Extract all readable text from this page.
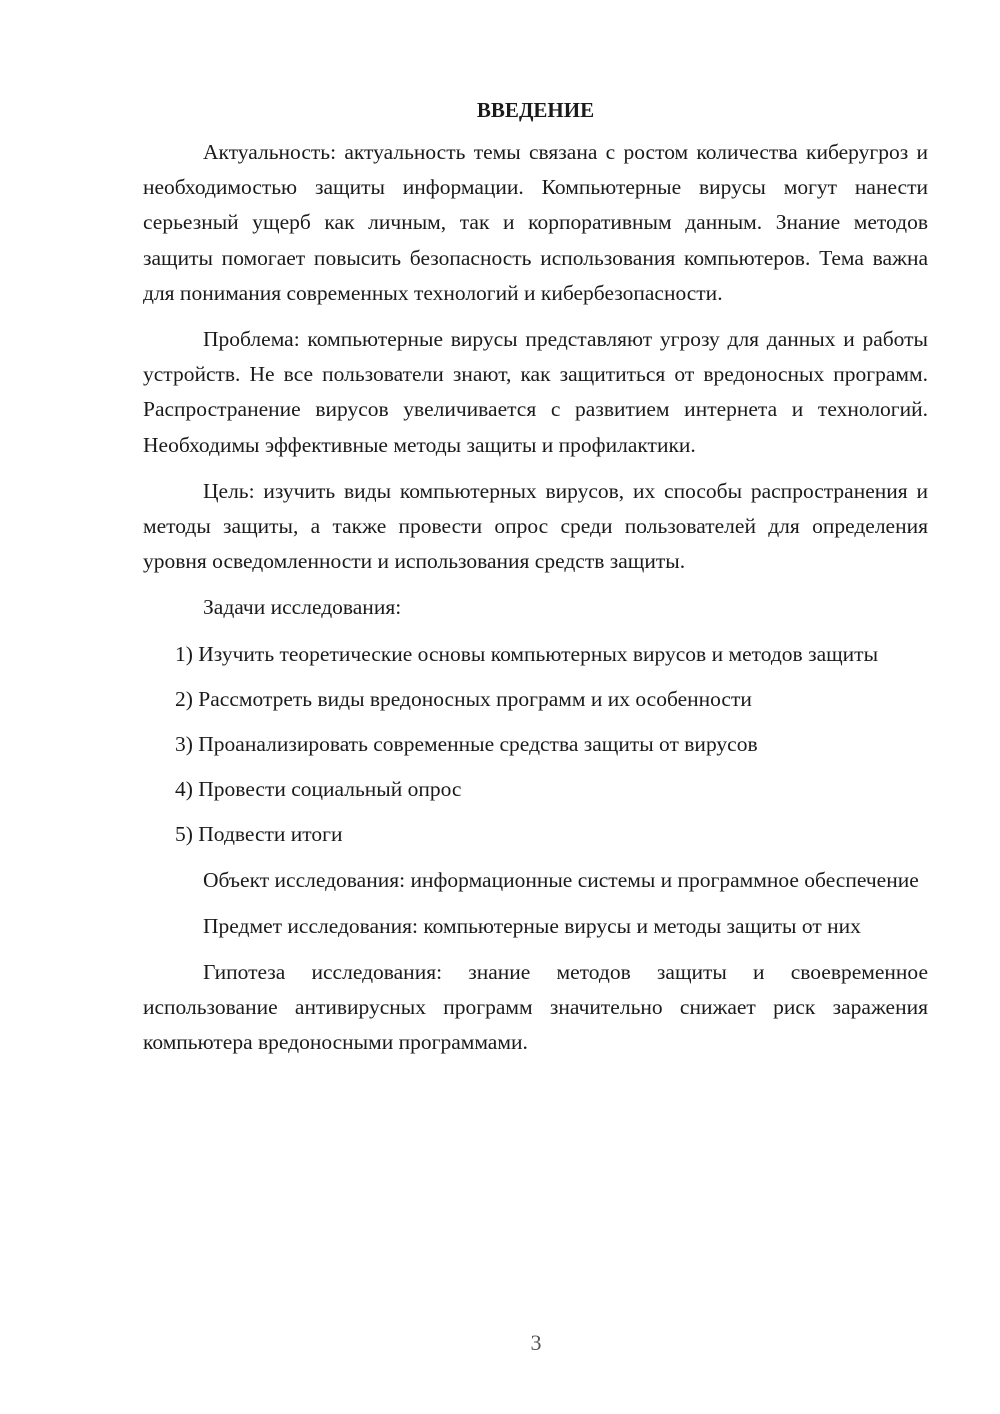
ВВЕДЕНИЕ

Актуальность: актуальность темы связана с ростом количества киберугроз и необходимостью защиты информации. Компьютерные вирусы могут нанести серьезный ущерб как личным, так и корпоративным данным. Знание методов защиты помогает повысить безопасность использования компьютеров. Тема важна для понимания современных технологий и кибербезопасности.

Проблема: компьютерные вирусы представляют угрозу для данных и работы устройств. Не все пользователи знают, как защититься от вредоносных программ. Распространение вирусов увеличивается с развитием интернета и технологий. Необходимы эффективные методы защиты и профилактики.

Цель: изучить виды компьютерных вирусов, их способы распространения и методы защиты, а также провести опрос среди пользователей для определения уровня осведомленности и использования средств защиты.

Задачи исследования:

1) Изучить теоретические основы компьютерных вирусов и методов защиты

2) Рассмотреть виды вредоносных программ и их особенности

3) Проанализировать современные средства защиты от вирусов

4) Провести социальный опрос

5) Подвести итоги

Объект исследования: информационные системы и программное обеспечение

Предмет исследования: компьютерные вирусы и методы защиты от них

Гипотеза исследования: знание методов защиты и своевременное использование антивирусных программ значительно снижает риск заражения компьютера вредоносными программами.

3
